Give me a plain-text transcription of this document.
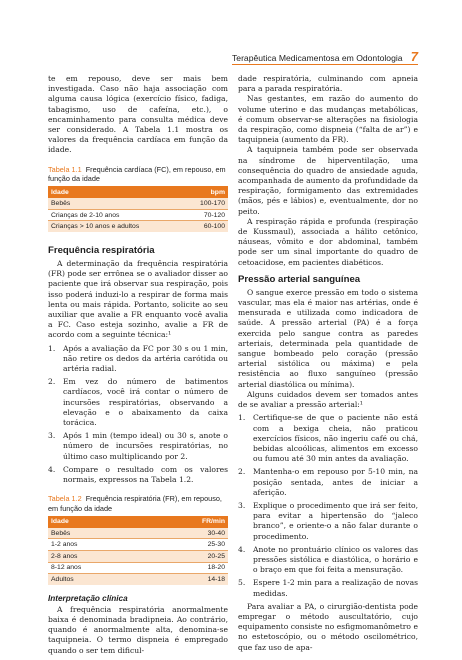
Terapêutica Medicamentosa em Odontologia 7

te em repouso, deve ser mais bem investigada. Caso não haja associação com alguma causa lógica (exercício físico, fadiga, tabagismo, uso de cafeína, etc.), o encaminhamento para consulta médica deve ser considerado. A Tabela 1.1 mostra os valores da frequência cardíaca em função da idade.

Tabela 1.1 Frequência cardíaca (FC), em repouso, em função da idade
Idade	bpm
Bebês	100-170
Crianças de 2-10 anos	70-120
Crianças > 10 anos e adultos	60-100
Frequência respiratória

A determinação da frequência respiratória (FR) pode ser errônea se o avaliador disser ao paciente que irá observar sua respiração, pois isso poderá induzi-lo a respirar de forma mais lenta ou mais rápida. Portanto, solicite ao seu auxiliar que avalie a FR enquanto você avalia a FC. Caso esteja sozinho, avalie a FR de acordo com a seguinte técnica:¹

1. Após a avaliação da FC por 30 s ou 1 min, não retire os dedos da artéria carótida ou artéria radial.
2. Em vez do número de batimentos cardíacos, você irá contar o número de incursões respiratórias, observando a elevação e o abaixamento da caixa torácica.
3. Após 1 min (tempo ideal) ou 30 s, anote o número de incursões respiratórias, no último caso multiplicando por 2.
4. Compare o resultado com os valores normais, expressos na Tabela 1.2.
Tabela 1.2 Frequência respiratória (FR), em repouso, em função da idade
Idade	FR/min
Bebês	30-40
1-2 anos	25-30
2-8 anos	20-25
8-12 anos	18-20
Adultos	14-18
Interpretação clínica

A frequência respiratória anormalmente baixa é denominada bradipneia. Ao contrário, quando é anormalmente alta, denomina-se taquipneia. O termo dispneia é empregado quando o ser tem dificul-

dade respiratória, culminando com apneia para a parada respiratória.

Nas gestantes, em razão do aumento do volume uterino e das mudanças metabólicas, é comum observar-se alterações na fisiologia da respiração, como dispneia (“falta de ar”) e taquipneia (aumento da FR).

A taquipneia também pode ser observada na síndrome de hiperventilação, uma consequência do quadro de ansiedade aguda, acompanhada de aumento da profundidade da respiração, formigamento das extremidades (mãos, pés e lábios) e, eventualmente, dor no peito.

A respiração rápida e profunda (respiração de Kussmaul), associada a hálito cetônico, náuseas, vômito e dor abdominal, também pode ser um sinal importante do quadro de cetoacidose, em pacientes diabéticos.

Pressão arterial sanguínea

O sangue exerce pressão em todo o sistema vascular, mas ela é maior nas artérias, onde é mensurada e utilizada como indicadora de saúde. A pressão arterial (PA) é a força exercida pelo sangue contra as paredes arteriais, determinada pela quantidade de sangue bombeado pelo coração (pressão arterial sistólica ou máxima) e pela resistência ao fluxo sanguíneo (pressão arterial diastólica ou mínima).

Alguns cuidados devem ser tomados antes de se avaliar a pressão arterial:¹

1. Certifique-se de que o paciente não está com a bexiga cheia, não praticou exercícios físicos, não ingeriu café ou chá, bebidas alcoólicas, alimentos em excesso ou fumou até 30 min antes da avaliação.
2. Mantenha-o em repouso por 5-10 min, na posição sentada, antes de iniciar a aferição.
3. Explique o procedimento que irá ser feito, para evitar a hipertensão do “jaleco branco”, e oriente-o a não falar durante o procedimento.
4. Anote no prontuário clínico os valores das pressões sistólica e diastólica, o horário e o braço em que foi feita a mensuração.
5. Espere 1-2 min para a realização de novas medidas.

Para avaliar a PA, o cirurgião-dentista pode empregar o método auscultatório, cujo equipamento consiste no esfigmomanômetro e no estetoscópio, ou o método oscilométrico, que faz uso de apa-
